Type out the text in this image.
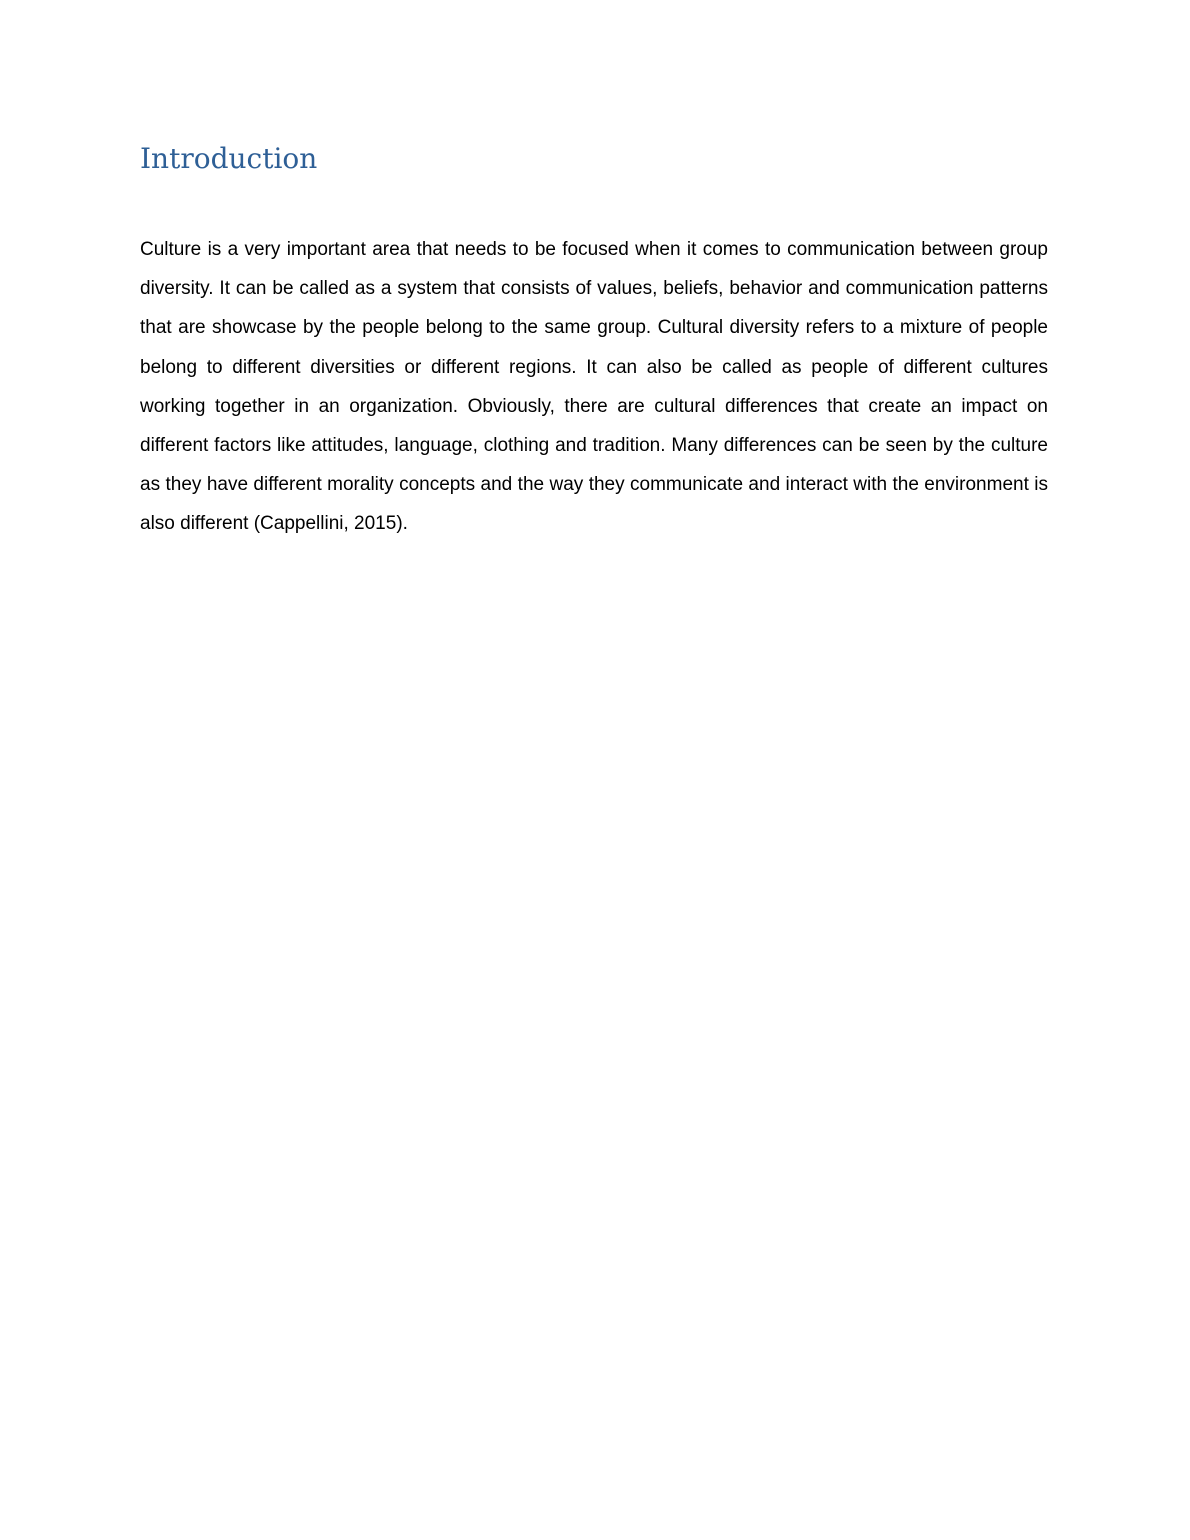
Introduction

Culture is a very important area that needs to be focused when it comes to communication between group diversity. It can be called as a system that consists of values, beliefs, behavior and communication patterns that are showcase by the people belong to the same group. Cultural diversity refers to a mixture of people belong to different diversities or different regions. It can also be called as people of different cultures working together in an organization. Obviously, there are cultural differences that create an impact on different factors like attitudes, language, clothing and tradition. Many differences can be seen by the culture as they have different morality concepts and the way they communicate and interact with the environment is also different (Cappellini, 2015).
